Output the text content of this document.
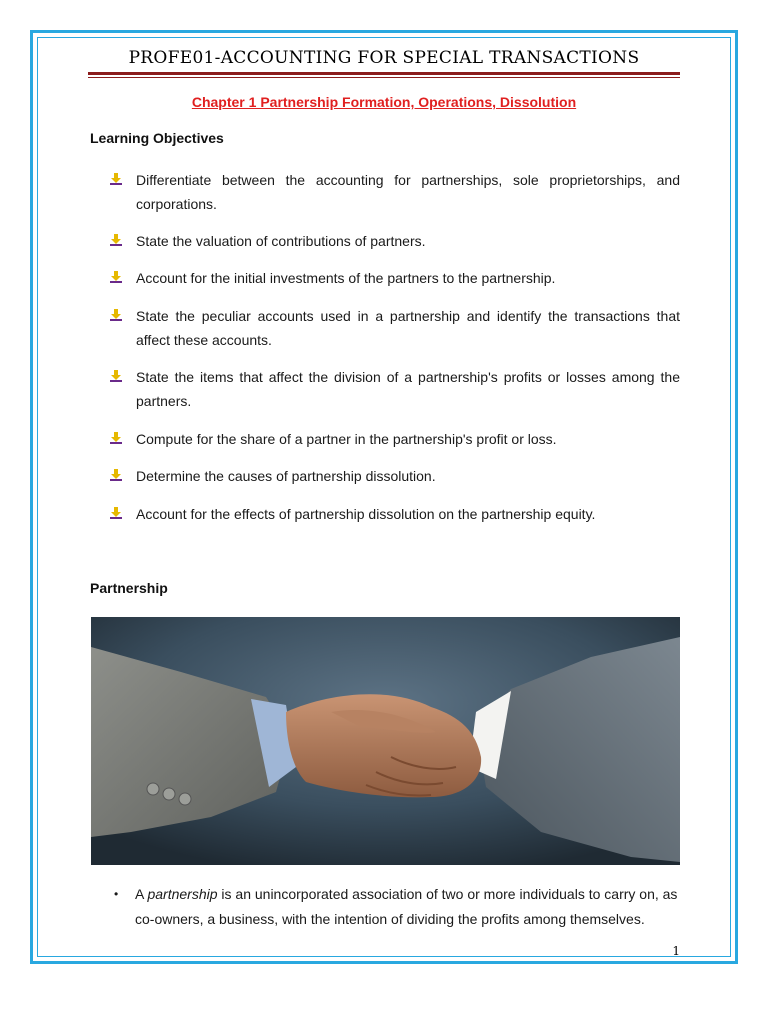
PROFE01-ACCOUNTING FOR SPECIAL TRANSACTIONS
Chapter 1 Partnership Formation, Operations, Dissolution
Learning Objectives
Differentiate between the accounting for partnerships, sole proprietorships, and corporations.
State the valuation of contributions of partners.
Account for the initial investments of the partners to the partnership.
State the peculiar accounts used in a partnership and identify the transactions that affect these accounts.
State the items that affect the division of a partnership's profits or losses among the partners.
Compute for the share of a partner in the partnership's profit or loss.
Determine the causes of partnership dissolution.
Account for the effects of partnership dissolution on the partnership equity.
Partnership
• A partnership is an unincorporated association of two or more individuals to carry on, as co-owners, a business, with the intention of dividing the profits among themselves.
1
